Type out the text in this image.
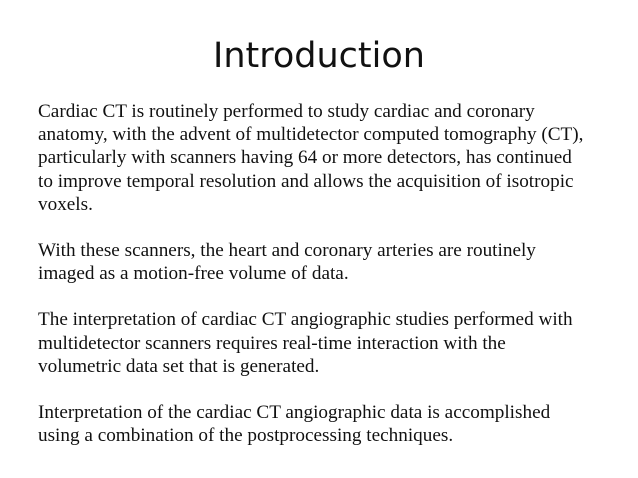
Introduction

Cardiac CT is routinely performed to study cardiac and coronary
anatomy, with the advent of multidetector computed tomography (CT),
particularly with scanners having 64 or more detectors, has continued
to improve temporal resolution and allows the acquisition of isotropic
voxels.

With these scanners, the heart and coronary arteries are routinely
imaged as a motion-free volume of data.

The interpretation of cardiac CT angiographic studies performed with
multidetector scanners requires real-time interaction with the
volumetric data set that is generated.

Interpretation of the cardiac CT angiographic data is accomplished
using a combination of the postprocessing techniques.
